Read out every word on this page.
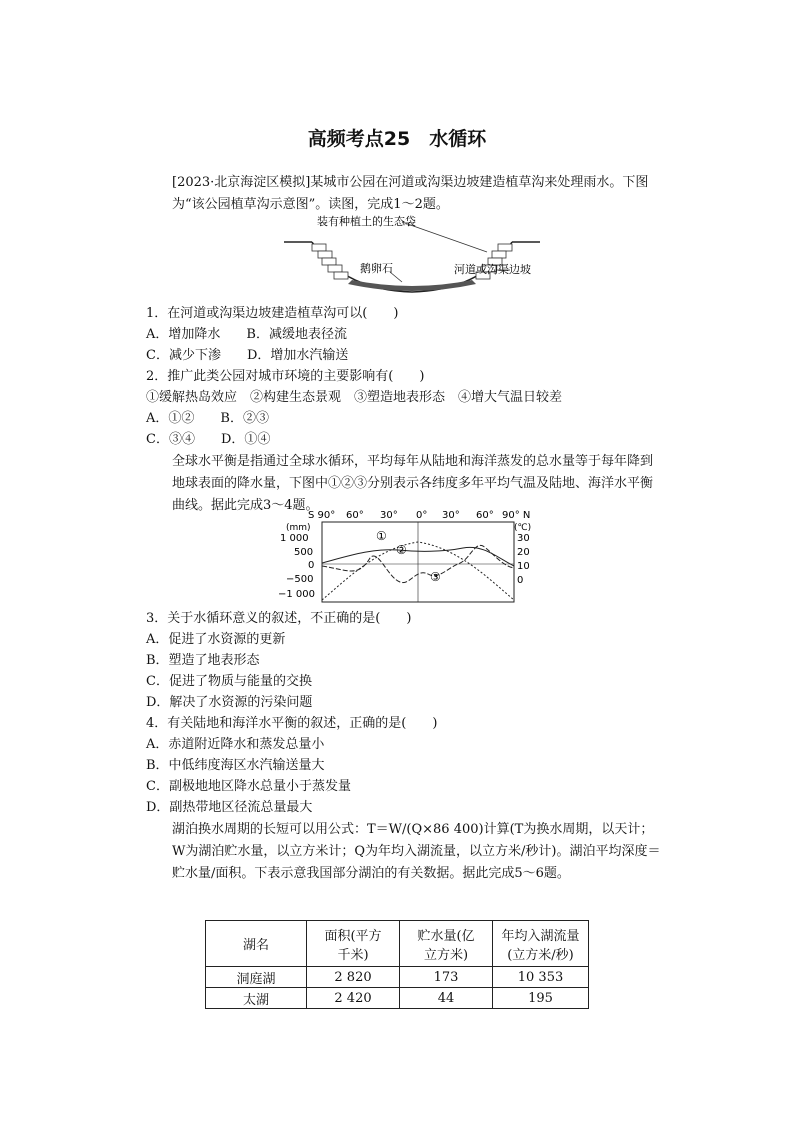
高频考点25　水循环
[2023·北京海淀区模拟]某城市公园在河道或沟渠边坡建造植草沟来处理雨水。下图为“该公园植草沟示意图”。读图，完成1～2题。
装有种植土的生态袋
鹅卵石	河道或沟渠边坡
1．在河道或沟渠边坡建造植草沟可以(　　)
A．增加降水　　B．减缓地表径流
C．减少下渗　　D．增加水汽输送
2．推广此类公园对城市环境的主要影响有(　　)
①缓解热岛效应　②构建生态景观　③塑造地表形态　④增大气温日较差
A．①②　　B．②③
C．③④　　D．①④
全球水平衡是指通过全球水循环，平均每年从陆地和海洋蒸发的总水量等于每年降到地球表面的降水量，下图中①②③分别表示各纬度多年平均气温及陆地、海洋水平衡曲线。据此完成3～4题。
S 90° 60° 30° 0° 30° 60° 90° N
(mm)	(℃)
1 000
500
0
−500
−1 000
30
20
10
0
①
②
③
3．关于水循环意义的叙述，不正确的是(　　)
A．促进了水资源的更新
B．塑造了地表形态
C．促进了物质与能量的交换
D．解决了水资源的污染问题
4．有关陆地和海洋水平衡的叙述，正确的是(　　)
A．赤道附近降水和蒸发总量小
B．中低纬度海区水汽输送量大
C．副极地地区降水总量小于蒸发量
D．副热带地区径流总量最大
湖泊换水周期的长短可以用公式：T＝W/(Q×86 400)计算(T为换水周期，以天计；W为湖泊贮水量，以立方米计；Q为年均入湖流量，以立方米/秒计)。湖泊平均深度＝贮水量/面积。下表示意我国部分湖泊的有关数据。据此完成5～6题。
湖名	面积(平方
千米)	贮水量(亿
立方米)	年均入湖流量
(立方米/秒)
洞庭湖	2 820	173	10 353
太湖	2 420	44	195
